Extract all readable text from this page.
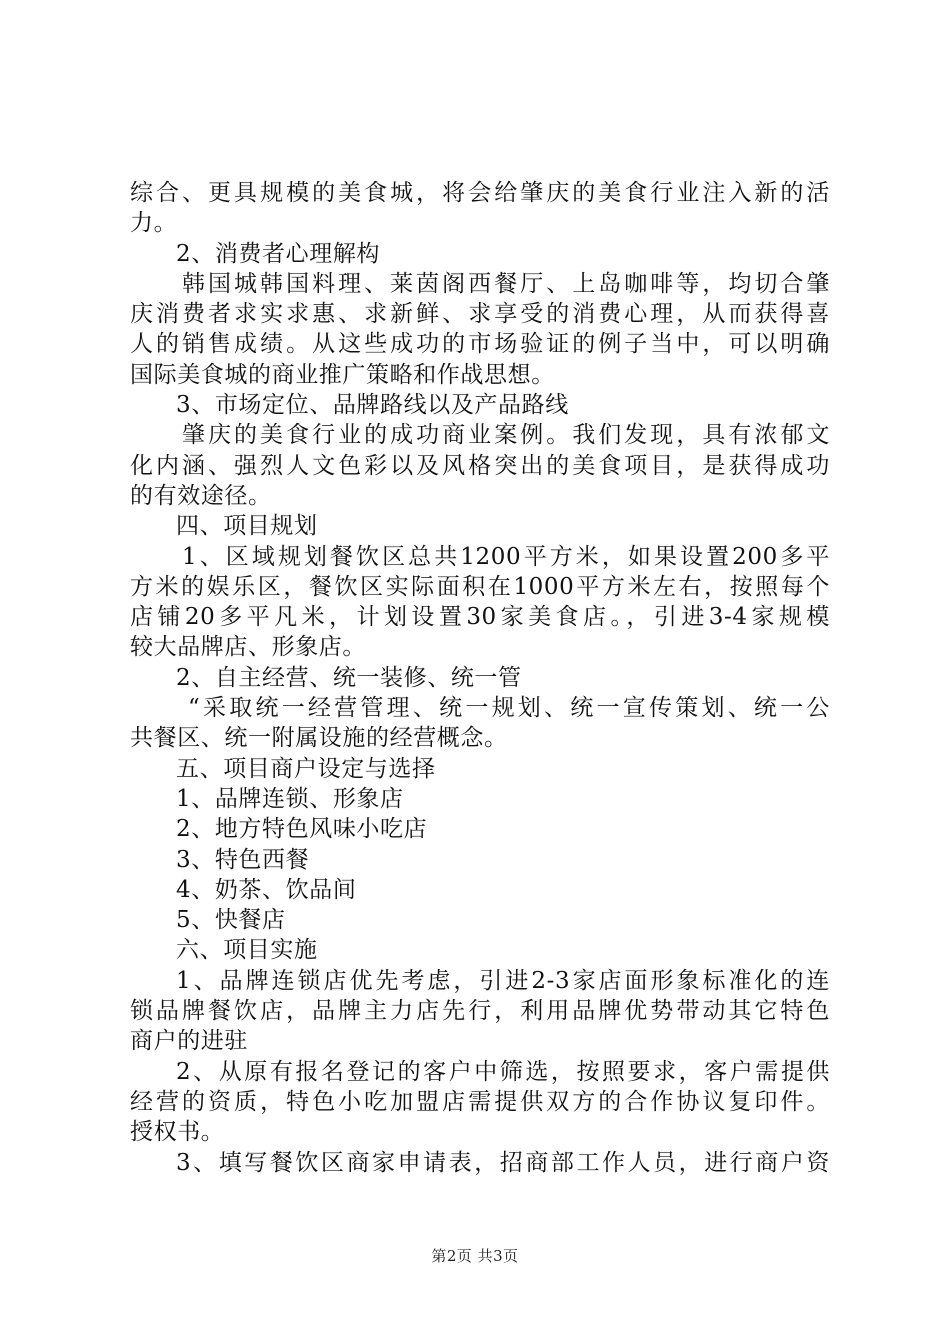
综合、更具规模的美食城，将会给肇庆的美食行业注入新的活
力。
2、消费者心理解构
韩国城韩国料理、莱茵阁西餐厅、上岛咖啡等，均切合肇
庆消费者求实求惠、求新鲜、求享受的消费心理，从而获得喜
人的销售成绩。从这些成功的市场验证的例子当中，可以明确
国际美食城的商业推广策略和作战思想。
3、市场定位、品牌路线以及产品路线
肇庆的美食行业的成功商业案例。我们发现，具有浓郁文
化内涵、强烈人文色彩以及风格突出的美食项目，是获得成功
的有效途径。
四、项目规划
1、区域规划餐饮区总共1200平方米，如果设置200多平
方米的娱乐区，餐饮区实际面积在1000平方米左右，按照每个
店铺20多平凡米，计划设置30家美食店。，引进3-4家规模
较大品牌店、形象店。
2、自主经营、统一装修、统一管
“采取统一经营管理、统一规划、统一宣传策划、统一公
共餐区、统一附属设施的经营概念。
五、项目商户设定与选择
1、品牌连锁、形象店
2、地方特色风味小吃店
3、特色西餐
4、奶茶、饮品间
5、快餐店
六、项目实施
1、品牌连锁店优先考虑，引进2-3家店面形象标准化的连
锁品牌餐饮店，品牌主力店先行，利用品牌优势带动其它特色
商户的进驻
2、从原有报名登记的客户中筛选，按照要求，客户需提供
经营的资质，特色小吃加盟店需提供双方的合作协议复印件。
授权书。
3、填写餐饮区商家申请表，招商部工作人员，进行商户资
第2页 共3页
